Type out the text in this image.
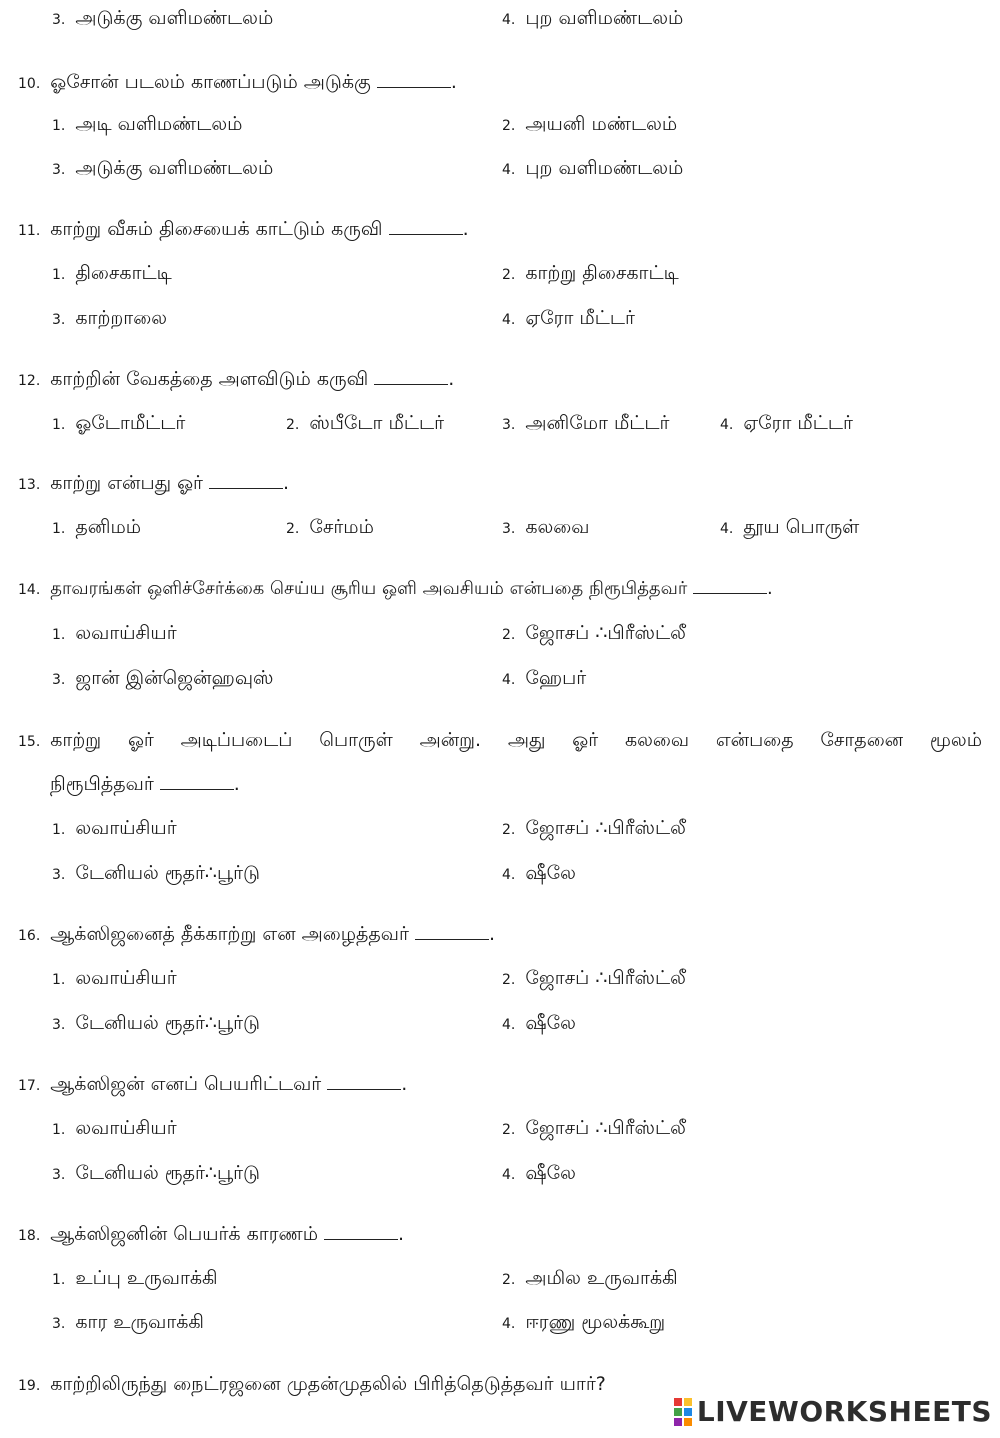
3. அடுக்கு வளிமண்டலம்	4. புற வளிமண்டலம்
10. ஓசோன் படலம் காணப்படும் அடுக்கு	.
1. அடி வளிமண்டலம்	2. அயனி மண்டலம்
3. அடுக்கு வளிமண்டலம்	4. புற வளிமண்டலம்
11. காற்று வீசும் திசையைக் காட்டும் கருவி	.
1. திசைகாட்டி	2. காற்று திசைகாட்டி
3. காற்றாலை	4. ஏரோ மீட்டர்
12. காற்றின் வேகத்தை அளவிடும் கருவி	.
1. ஓடோமீட்டர்	2. ஸ்பீடோ மீட்டர்	3. அனிமோ மீட்டர்	4. ஏரோ மீட்டர்
13. காற்று என்பது ஓர்	.
1. தனிமம்	2. சேர்மம்	3. கலவை	4. தூய பொருள்
14. தாவரங்கள் ஒளிச்சேர்க்கை செய்ய சூரிய ஒளி அவசியம் என்பதை நிரூபித்தவர்	.
1. லவாய்சியர்	2. ஜோசப் ∴பிரீஸ்ட்லீ
3. ஜான் இன்ஜென்ஹவுஸ்	4. ஹேபர்
15. காற்று ஓர் அடிப்படைப் பொருள் அன்று. அது ஓர் கலவை என்பதை சோதனை மூலம்
நிரூபித்தவர்	.
1. லவாய்சியர்	2. ஜோசப் ∴பிரீஸ்ட்லீ
3. டேனியல் ரூதர்∴பூர்டு	4. ஷீலே
16. ஆக்ஸிஜனைத் தீக்காற்று என அழைத்தவர்	.
1. லவாய்சியர்	2. ஜோசப் ∴பிரீஸ்ட்லீ
3. டேனியல் ரூதர்∴பூர்டு	4. ஷீலே
17. ஆக்ஸிஜன் எனப் பெயரிட்டவர்	.
1. லவாய்சியர்	2. ஜோசப் ∴பிரீஸ்ட்லீ
3. டேனியல் ரூதர்∴பூர்டு	4. ஷீலே
18. ஆக்ஸிஜனின் பெயர்க் காரணம்	.
1. உப்பு உருவாக்கி	2. அமில உருவாக்கி
3. கார உருவாக்கி	4. ஈரணு மூலக்கூறு
19. காற்றிலிருந்து நைட்ரஜனை முதன்முதலில் பிரித்தெடுத்தவர் யார்?
LIVEWORKSHEETS
